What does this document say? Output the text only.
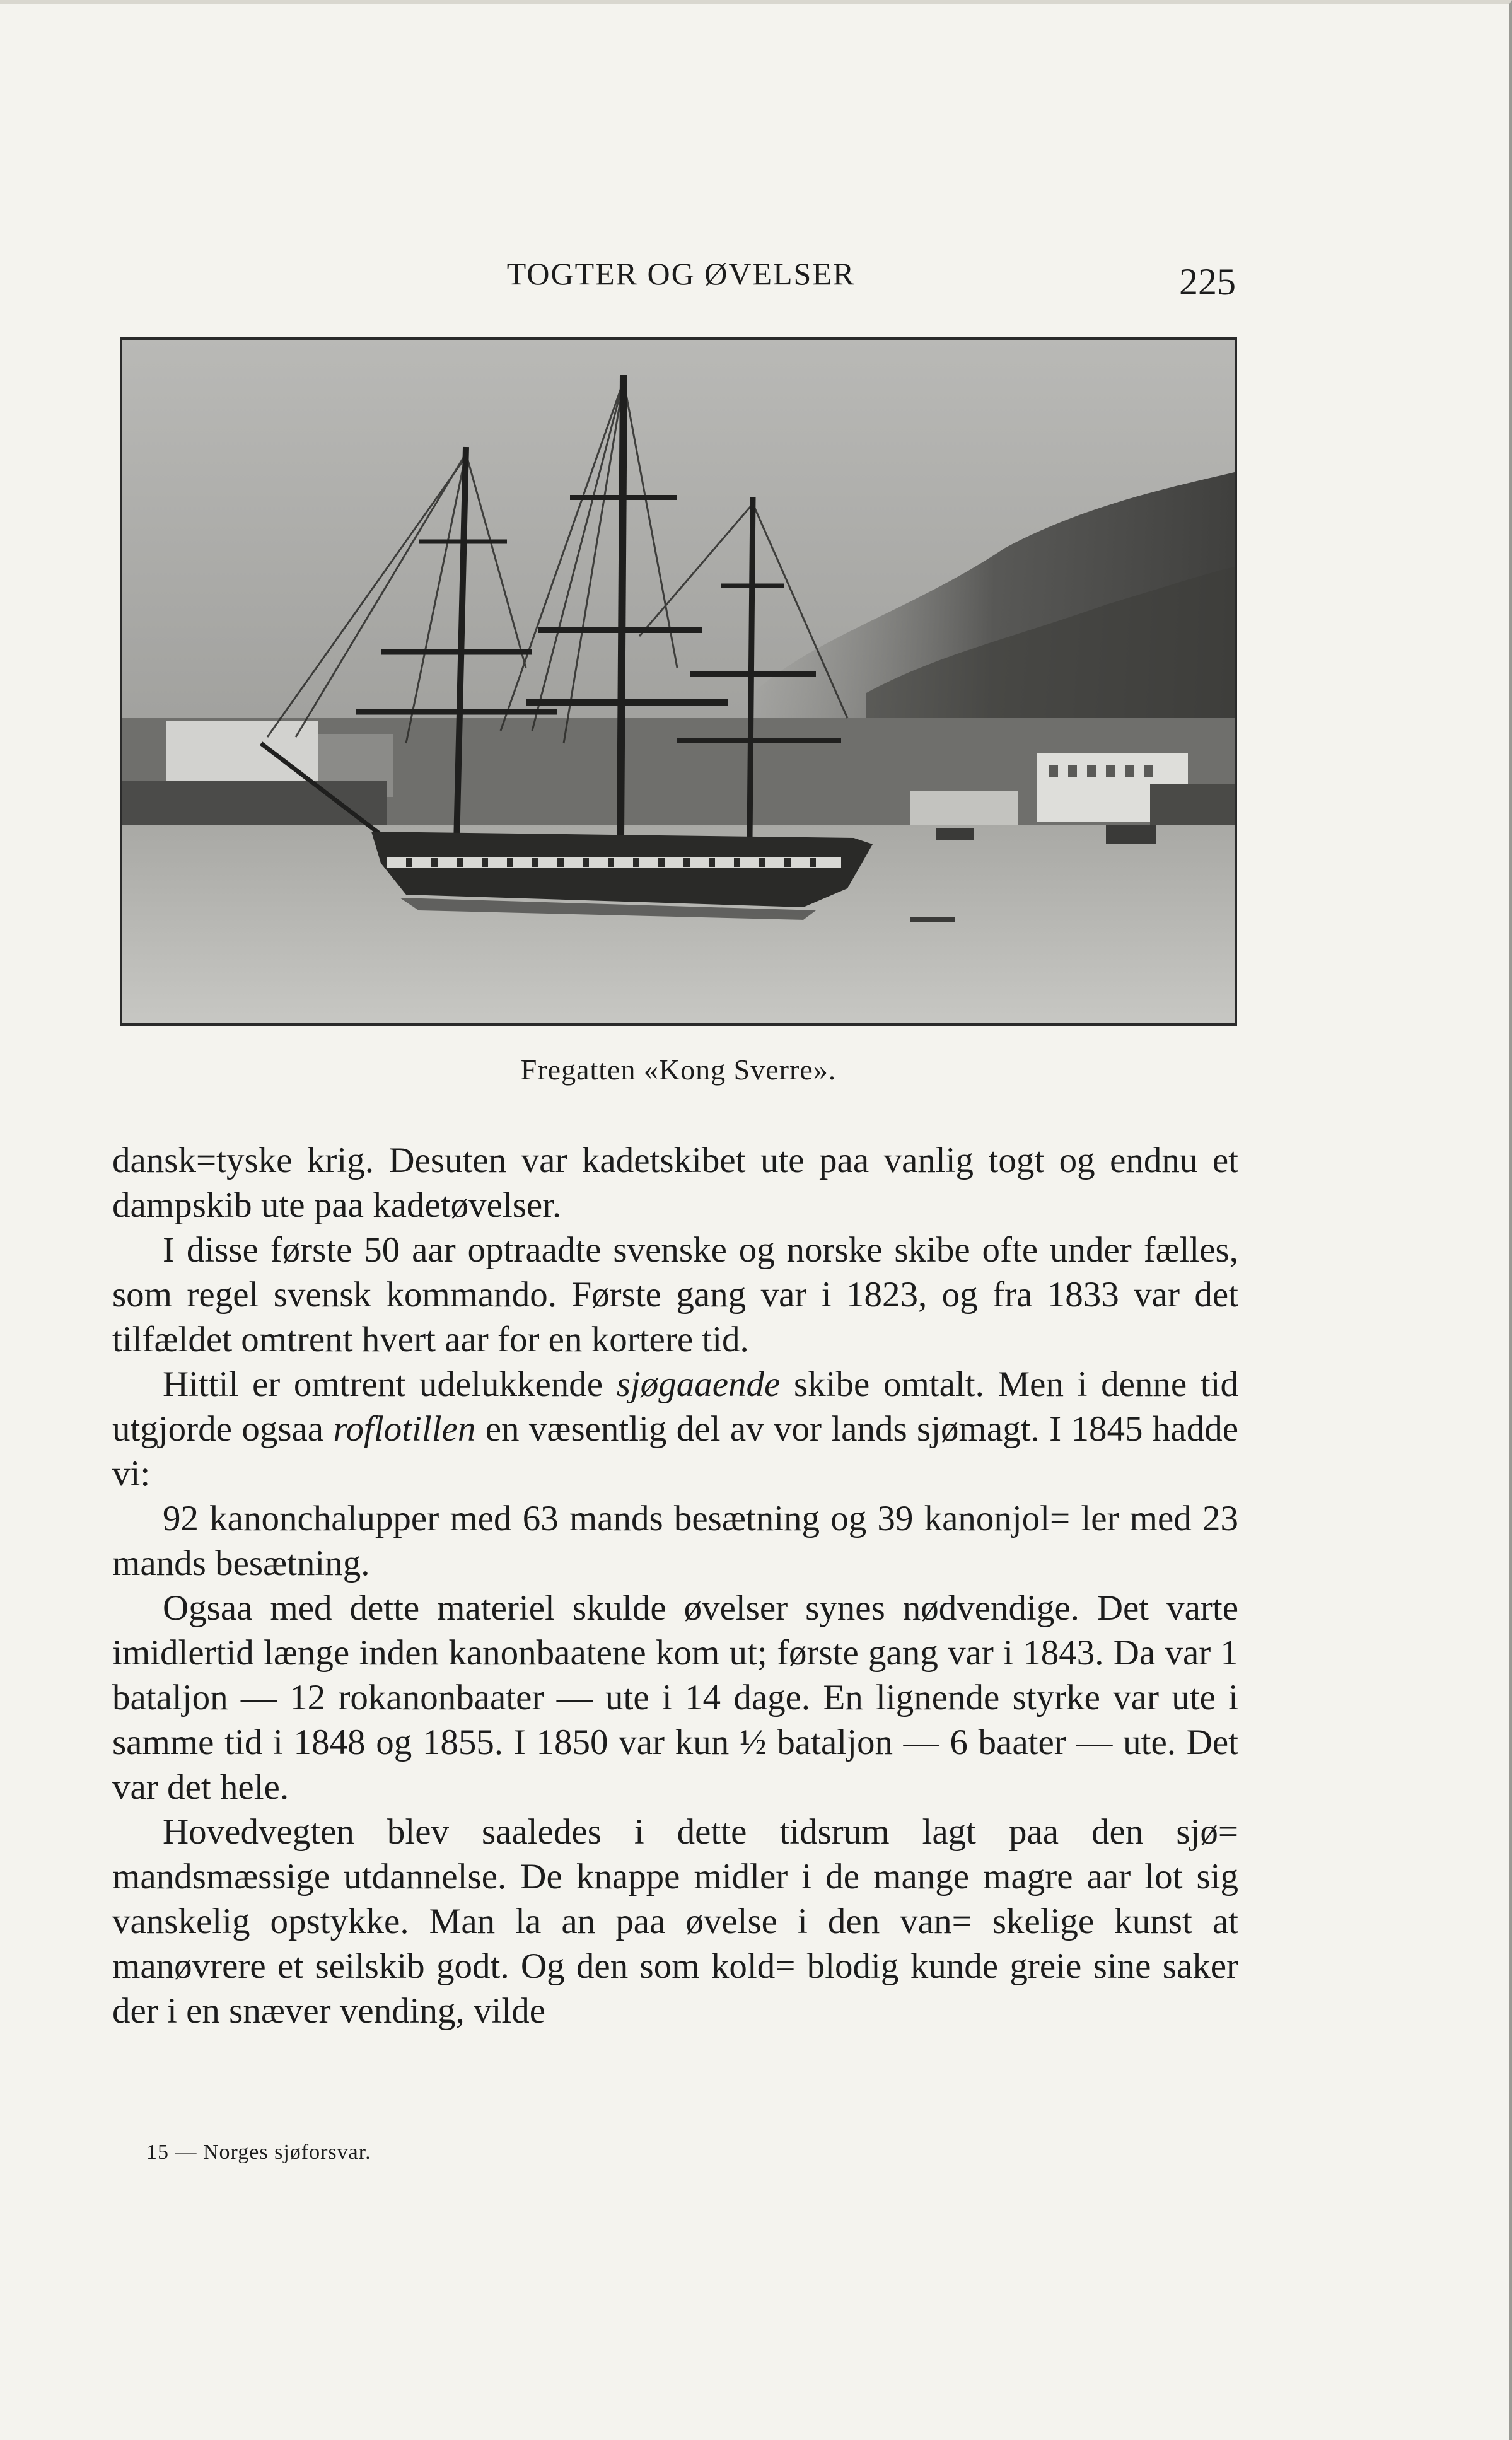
TOGTER OG ØVELSER	225
Fregatten «Kong Sverre».

dansk=tyske krig. Desuten var kadetskibet ute paa vanlig togt og endnu et dampskib ute paa kadetøvelser.

I disse første 50 aar optraadte svenske og norske skibe ofte under fælles, som regel svensk kommando. Første gang var i 1823, og fra 1833 var det tilfældet omtrent hvert aar for en kortere tid.

Hittil er omtrent udelukkende sjøgaaende skibe omtalt. Men i denne tid utgjorde ogsaa roflotillen en væsentlig del av vor lands sjømagt. I 1845 hadde vi:

92 kanonchalupper med 63 mands besætning og 39 kanonjol= ler med 23 mands besætning.

Ogsaa med dette materiel skulde øvelser synes nødvendige. Det varte imidlertid længe inden kanonbaatene kom ut; første gang var i 1843. Da var 1 bataljon — 12 rokanonbaater — ute i 14 dage. En lignende styrke var ute i samme tid i 1848 og 1855. I 1850 var kun ½ bataljon — 6 baater — ute. Det var det hele.

Hovedvegten blev saaledes i dette tidsrum lagt paa den sjø= mandsmæssige utdannelse. De knappe midler i de mange magre aar lot sig vanskelig opstykke. Man la an paa øvelse i den van= skelige kunst at manøvrere et seilskib godt. Og den som kold= blodig kunde greie sine saker der i en snæver vending, vilde

15 — Norges sjøforsvar.
